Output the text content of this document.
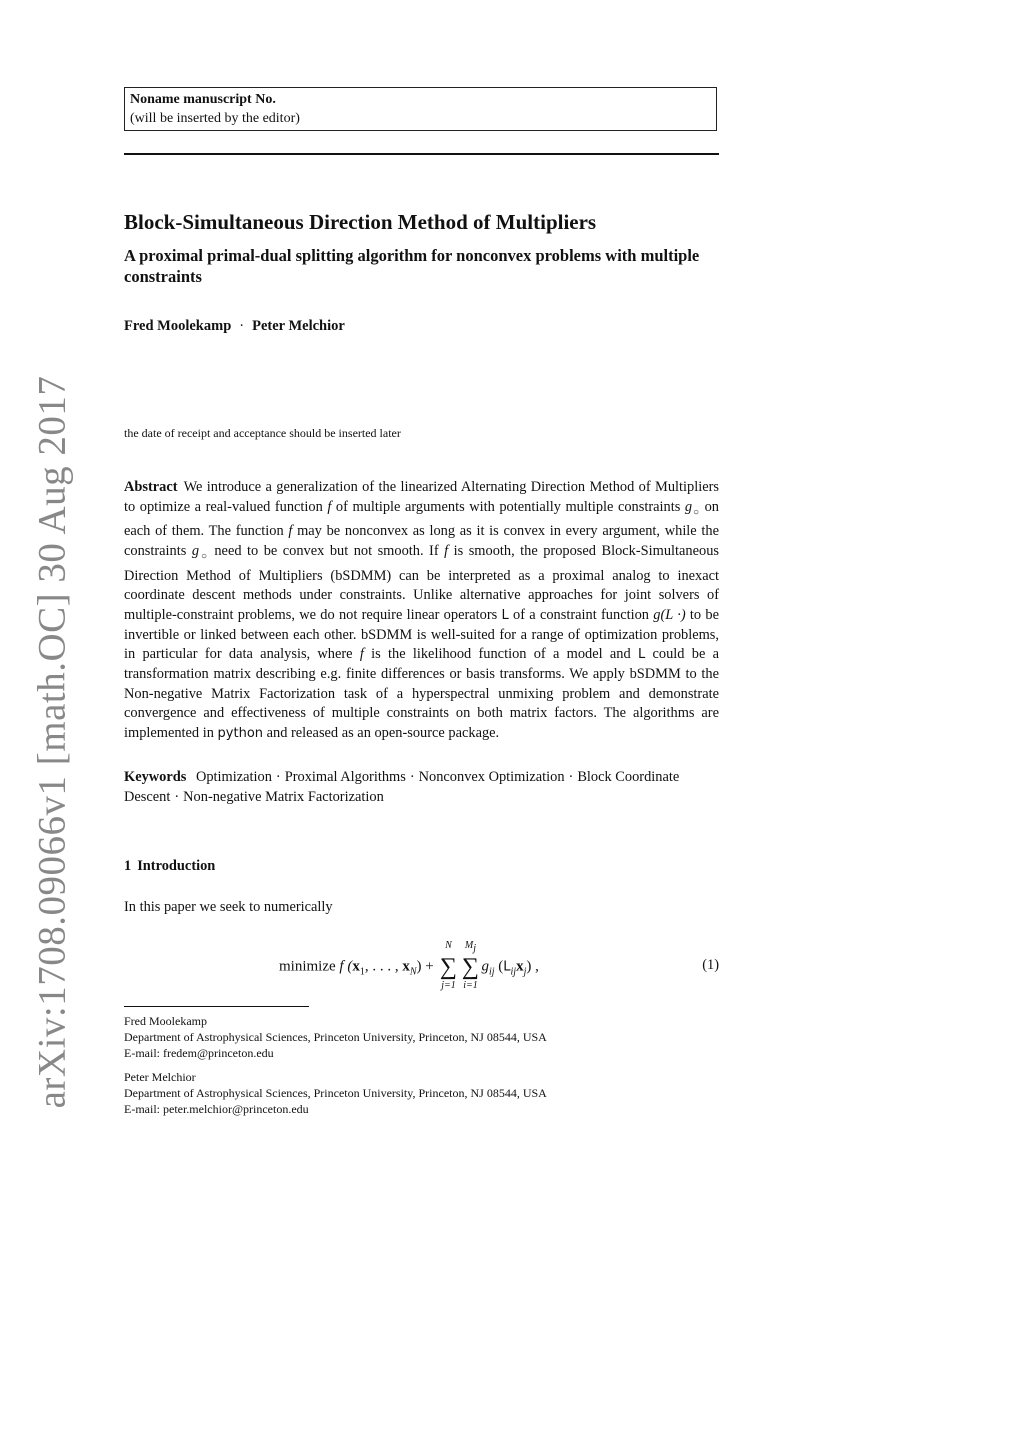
arXiv:1708.09066v1 [math.OC] 30 Aug 2017
Noname manuscript No.
(will be inserted by the editor)
Block-Simultaneous Direction Method of Multipliers
A proximal primal-dual splitting algorithm for nonconvex problems with multiple constraints
Fred Moolekamp · Peter Melchior
the date of receipt and acceptance should be inserted later
Abstract We introduce a generalization of the linearized Alternating Direction Method of Multipliers to optimize a real-valued function f of multiple arguments with potentially multiple constraints $g_○$ on each of them. The function f may be nonconvex as long as it is convex in every argument, while the constraints $g_○$ need to be convex but not smooth. If f is smooth, the proposed Block-Simultaneous Direction Method of Multipliers (bSDMM) can be interpreted as a proximal analog to inexact coordinate descent methods under constraints. Unlike alternative approaches for joint solvers of multiple-constraint problems, we do not require linear operators L of a constraint function g(L ·) to be invertible or linked between each other. bSDMM is well-suited for a range of optimization problems, in particular for data analysis, where f is the likelihood function of a model and L could be a transformation matrix describing e.g. finite differences or basis transforms. We apply bSDMM to the Non-negative Matrix Factorization task of a hyperspectral unmixing problem and demonstrate convergence and effectiveness of multiple constraints on both matrix factors. The algorithms are implemented in python and released as an open-source package.
Keywords Optimization · Proximal Algorithms · Nonconvex Optimization · Block Coordinate Descent · Non-negative Matrix Factorization
1 Introduction
In this paper we seek to numerically
minimize f ($x_1$, . . . , $x_N$) +
N
∑
j=1
$M_j$
∑
i=1
$g_{ij}$ $(L_{ij}x_j)$ ,	(1)
Fred Moolekamp
Department of Astrophysical Sciences, Princeton University, Princeton, NJ 08544, USA
E-mail: fredem@princeton.edu
Peter Melchior
Department of Astrophysical Sciences, Princeton University, Princeton, NJ 08544, USA
E-mail: peter.melchior@princeton.edu
